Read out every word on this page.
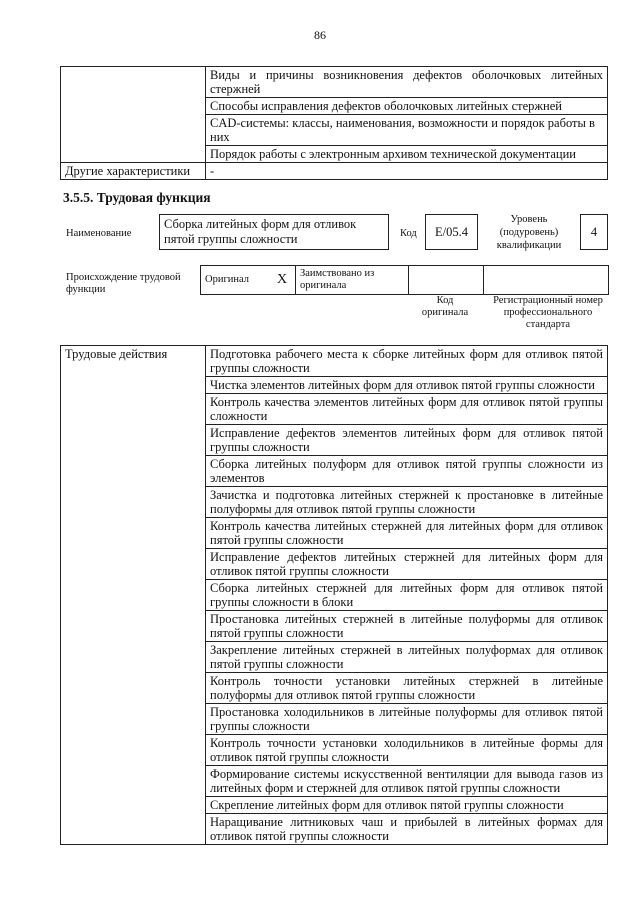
86
	Виды и причины возникновения дефектов оболочковых литейных стержней
	Способы исправления дефектов оболочковых литейных стержней
	CAD-системы: классы, наименования, возможности и порядок работы в них
	Порядок работы с электронным архивом технической документации
Другие характеристики	-
3.5.5. Трудовая функция
Наименование
Сборка литейных форм для отливок пятой группы сложности	Код	E/05.4
Уровень (подуровень) квалификации
4
Происхождение трудовой функции
Оригинал	X	Заимствовано из оригинала		
Код оригинала
Регистрационный номер профессионального стандарта
Трудовые действия	Подготовка рабочего места к сборке литейных форм для отливок пятой группы сложности
Чистка элементов литейных форм для отливок пятой группы сложности
Контроль качества элементов литейных форм для отливок пятой группы сложности
Исправление дефектов элементов литейных форм для отливок пятой группы сложности
Сборка литейных полуформ для отливок пятой группы сложности из элементов
Зачистка и подготовка литейных стержней к простановке в литейные полуформы для отливок пятой группы сложности
Контроль качества литейных стержней для литейных форм для отливок пятой группы сложности
Исправление дефектов литейных стержней для литейных форм для отливок пятой группы сложности
Сборка литейных стержней для литейных форм для отливок пятой группы сложности в блоки
Простановка литейных стержней в литейные полуформы для отливок пятой группы сложности
Закрепление литейных стержней в литейных полуформах для отливок пятой группы сложности
Контроль точности установки литейных стержней в литейные полуформы для отливок пятой группы сложности
Простановка холодильников в литейные полуформы для отливок пятой группы сложности
Контроль точности установки холодильников в литейные формы для отливок пятой группы сложности
Формирование системы искусственной вентиляции для вывода газов из литейных форм и стержней для отливок пятой группы сложности
Скрепление литейных форм для отливок пятой группы сложности
Наращивание литниковых чаш и прибылей в литейных формах для отливок пятой группы сложности
